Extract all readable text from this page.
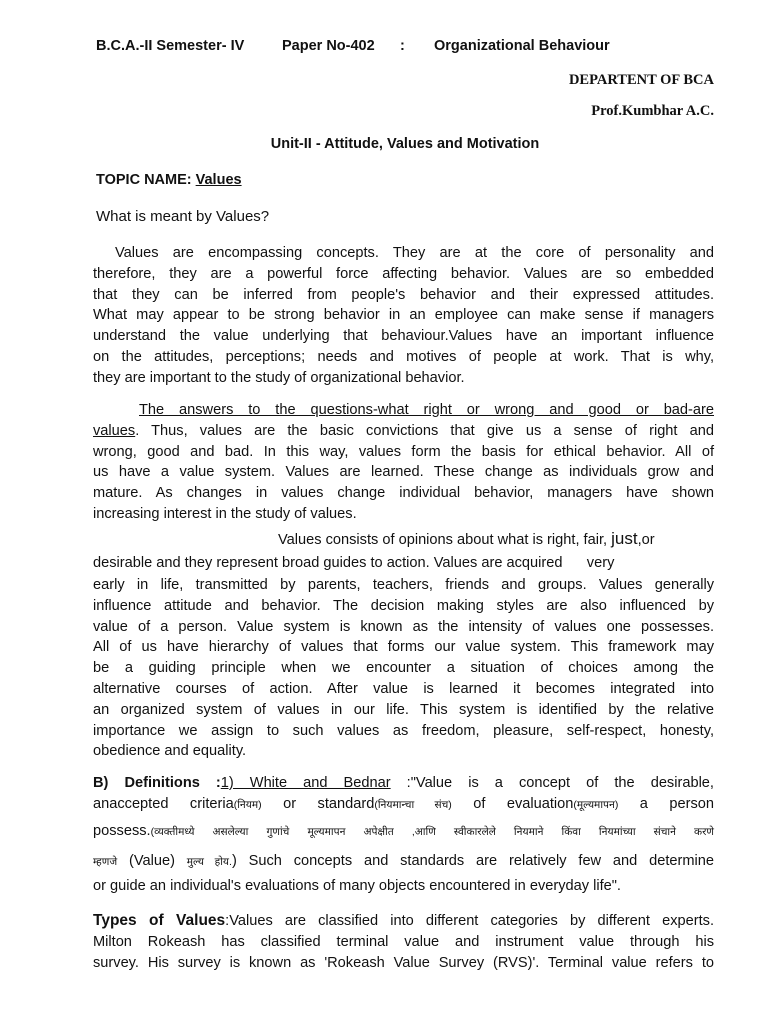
B.C.A.-II Semester- IV	Paper No-402 : Organizational Behaviour
DEPARTENT OF BCA
Prof.Kumbhar A.C.
Unit-II - Attitude, Values and Motivation
TOPIC NAME: Values
What is meant by Values?
Values are encompassing concepts. They are at the core of personality and
therefore, they are a powerful force affecting behavior. Values are so embedded
that they can be inferred from people's behavior and their expressed attitudes.
What may appear to be strong behavior in an employee can make sense if managers
understand the value underlying that behaviour.Values have an important influence
on the attitudes, perceptions; needs and motives of people at work. That is why,
they are important to the study of organizational behavior.
The answers to the questions-what right or wrong and good or bad-are
values. Thus, values are the basic convictions that give us a sense of right and
wrong, good and bad. In this way, values form the basis for ethical behavior. All of
us have a value system. Values are learned. These change as individuals grow and
mature. As changes in values change individual behavior, managers have shown
increasing interest in the study of values.
Values consists of opinions about what is right, fair, just,or
desirable and they represent broad guides to action. Values are acquired      very
early in life, transmitted by parents, teachers, friends and groups. Values generally
influence attitude and behavior. The decision making styles are also influenced by
value of a person. Value system is known as the intensity of values one possesses.
All of us have hierarchy of values that forms our value system. This framework may
be a guiding principle when we encounter a situation of choices among the
alternative courses of action. After value is learned it becomes integrated into
an organized system of values in our life. This system is identified by the relative
importance we assign to such values as freedom, pleasure, self-respect, honesty,
obedience and equality.
B) Definitions :1) White and Bednar :"Value is a concept of the desirable,
anaccepted criteria(नियम) or standard(नियमान्चा संच) of evaluation(मूल्यमापन) a person
possess.(व्यक्तीमध्ये असलेल्या गुणांचे मूल्यमापन अपेक्षीत ,आणि स्वीकारलेले नियमाने किंवा नियमांच्या संचाने करणे
म्हणजे (Value) मुल्य होय.) Such concepts and standards are relatively few and determine
or guide an individual's evaluations of many objects encountered in everyday life".
Types of Values:Values are classified into different categories by different experts.
Milton Rokeash has classified terminal value and instrument value through his
survey. His survey is known as 'Rokeash Value Survey (RVS)'. Terminal value refers to
